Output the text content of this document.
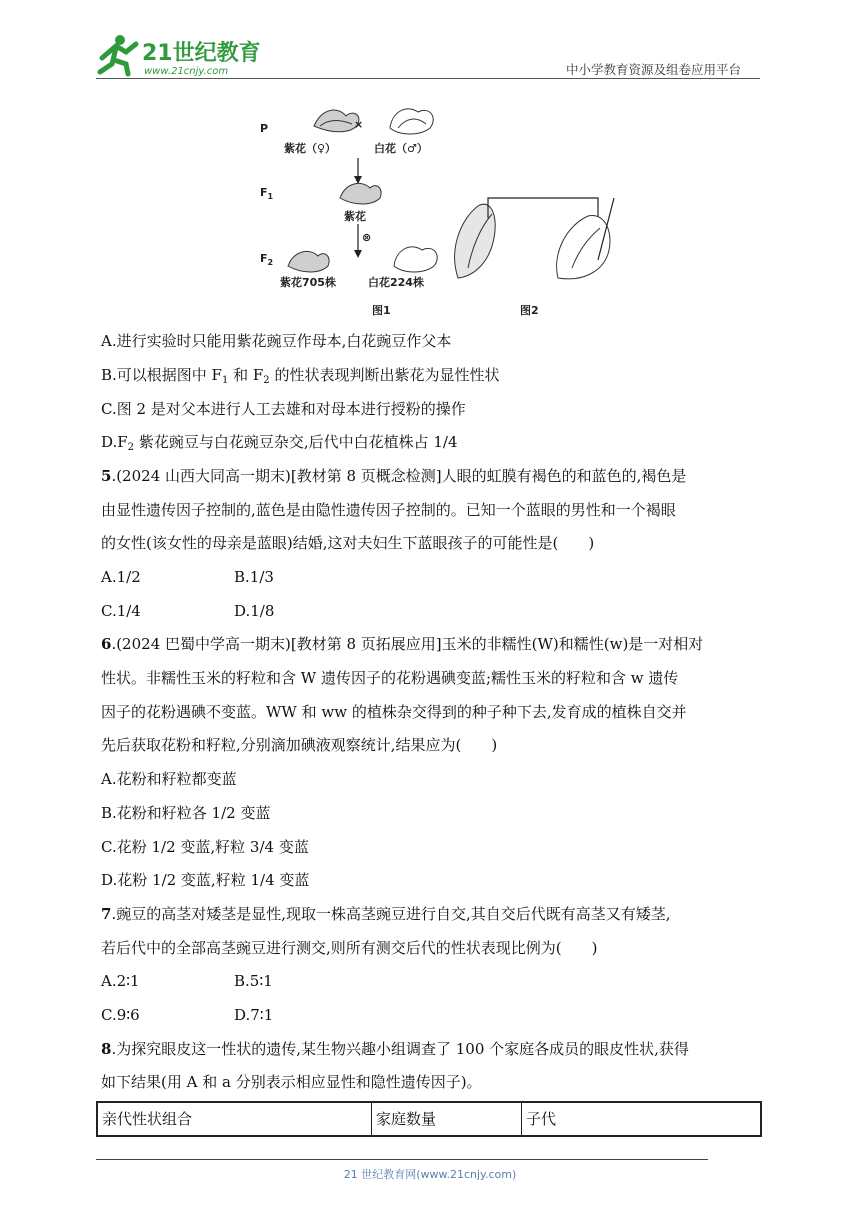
21世纪教育
www.21cnjy.com	中小学教育资源及组卷应用平台
P
$F_1$
$F_2$
×
紫花（♀）	白花（♂）
紫花
⊗
紫花705株	白花224株
图1	图2
A.进行实验时只能用紫花豌豆作母本,白花豌豆作父本
B.可以根据图中 $F_1$ 和 $F_2$ 的性状表现判断出紫花为显性性状
C.图 2 是对父本进行人工去雄和对母本进行授粉的操作
$D.F_2$ 紫花豌豆与白花豌豆杂交,后代中白花植株占 1/4
5.(2024 山西大同高一期末)[教材第 8 页概念检测]人眼的虹膜有褐色的和蓝色的,褐色是
由显性遗传因子控制的,蓝色是由隐性遗传因子控制的。已知一个蓝眼的男性和一个褐眼
的女性(该女性的母亲是蓝眼)结婚,这对夫妇生下蓝眼孩子的可能性是(　　)
A.1/2	B.1/3
C.1/4	D.1/8
6.(2024 巴蜀中学高一期末)[教材第 8 页拓展应用]玉米的非糯性(W)和糯性(w)是一对相对
性状。非糯性玉米的籽粒和含 W 遗传因子的花粉遇碘变蓝;糯性玉米的籽粒和含 w 遗传
因子的花粉遇碘不变蓝。WW 和 ww 的植株杂交得到的种子种下去,发育成的植株自交并
先后获取花粉和籽粒,分别滴加碘液观察统计,结果应为(　　)
A.花粉和籽粒都变蓝
B.花粉和籽粒各 1/2 变蓝
C.花粉 1/2 变蓝,籽粒 3/4 变蓝
D.花粉 1/2 变蓝,籽粒 1/4 变蓝
7.豌豆的高茎对矮茎是显性,现取一株高茎豌豆进行自交,其自交后代既有高茎又有矮茎,
若后代中的全部高茎豌豆进行测交,则所有测交后代的性状表现比例为(　　)
A.2∶1	B.5∶1
C.9∶6	D.7∶1
8.为探究眼皮这一性状的遗传,某生物兴趣小组调查了 100 个家庭各成员的眼皮性状,获得
如下结果(用 A 和 a 分别表示相应显性和隐性遗传因子)。
亲代性状组合	家庭数量	子代
21 世纪教育网(www.21cnjy.com)
